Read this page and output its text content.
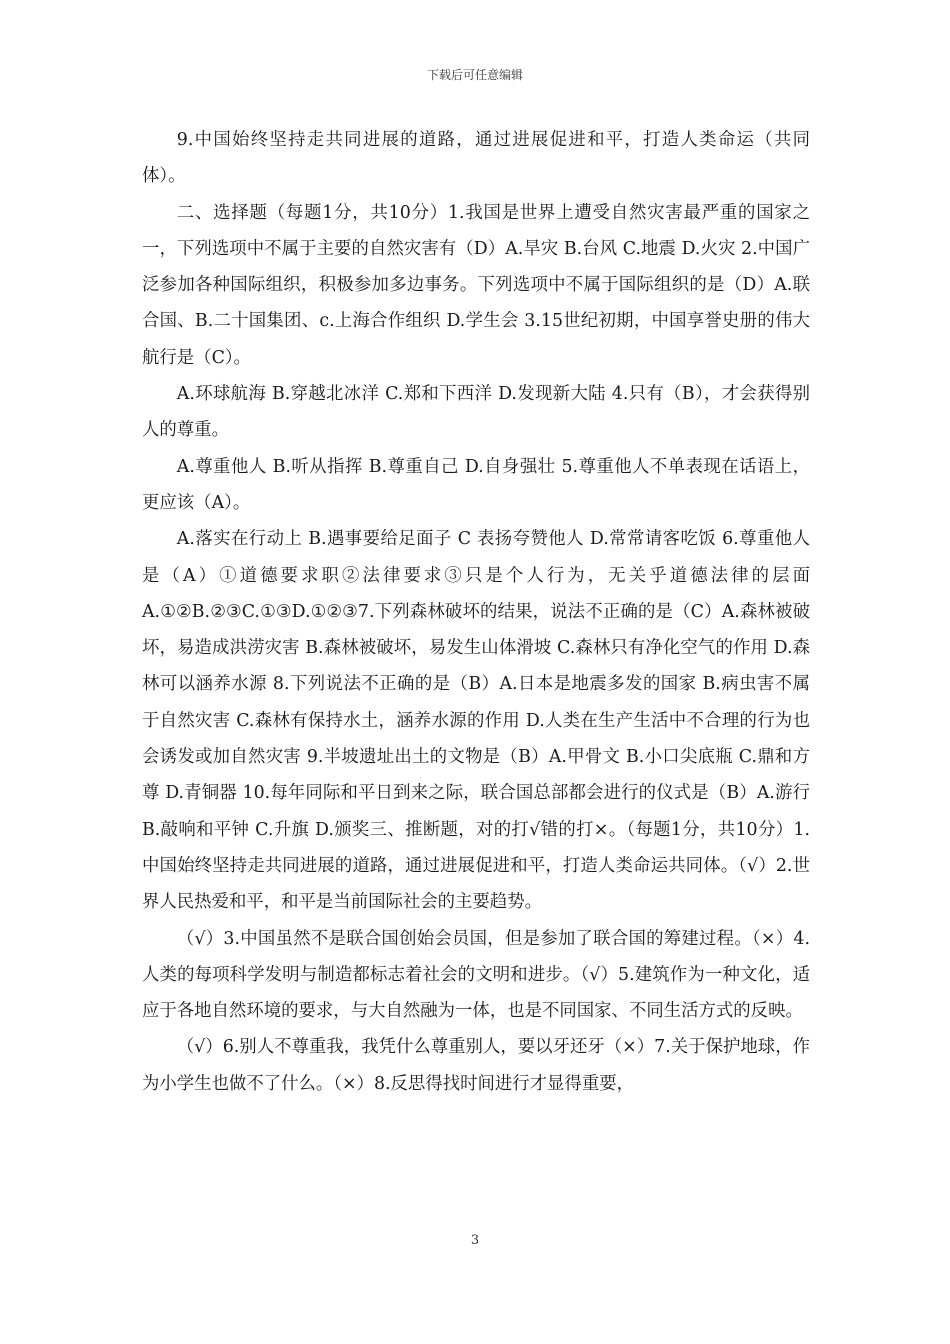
下载后可任意编辑

9.中国始终坚持走共同进展的道路，通过进展促进和平，打造人类命运（共同体）。

二、选择题（每题1分，共10分）1.我国是世界上遭受自然灾害最严重的国家之一，下列选项中不属于主要的自然灾害有（D）A.旱灾 B.台风 C.地震 D.火灾 2.中国广泛参加各种国际组织，积极参加多边事务。下列选项中不属于国际组织的是（D）A.联合国、B.二十国集团、c.上海合作组织 D.学生会 3.15世纪初期，中国享誉史册的伟大航行是（C）。

A.环球航海 B.穿越北冰洋 C.郑和下西洋 D.发现新大陆 4.只有（B），才会获得别人的尊重。

A.尊重他人 B.听从指挥 B.尊重自己 D.自身强壮 5.尊重他人不单表现在话语上，更应该（A）。

A.落实在行动上 B.遇事要给足面子 C 表扬夸赞他人 D.常常请客吃饭 6.尊重他人是（A）①道德要求职②法律要求③只是个人行为，无关乎道德法律的层面 A.①②B.②③C.①③D.①②③7.下列森林破坏的结果，说法不正确的是（C）A.森林被破坏，易造成洪涝灾害 B.森林被破坏，易发生山体滑坡 C.森林只有净化空气的作用 D.森林可以涵养水源 8.下列说法不正确的是（B）A.日本是地震多发的国家 B.病虫害不属于自然灾害 C.森林有保持水土，涵养水源的作用 D.人类在生产生活中不合理的行为也会诱发或加自然灾害 9.半坡遗址出土的文物是（B）A.甲骨文 B.小口尖底瓶 C.鼎和方尊 D.青铜器 10.每年同际和平日到来之际，联合国总部都会进行的仪式是（B）A.游行 B.敲响和平钟 C.升旗 D.颁奖三、推断题，对的打√错的打×。（每题1分，共10分）1.中国始终坚持走共同进展的道路，通过进展促进和平，打造人类命运共同体。（√）2.世界人民热爱和平，和平是当前国际社会的主要趋势。

（√）3.中国虽然不是联合国创始会员国，但是参加了联合国的筹建过程。（×）4.人类的每项科学发明与制造都标志着社会的文明和进步。（√）5.建筑作为一种文化，适应于各地自然环境的要求，与大自然融为一体，也是不同国家、不同生活方式的反映。

（√）6.别人不尊重我，我凭什么尊重别人，要以牙还牙（×）7.关于保护地球，作为小学生也做不了什么。（×）8.反思得找时间进行才显得重要，

3
